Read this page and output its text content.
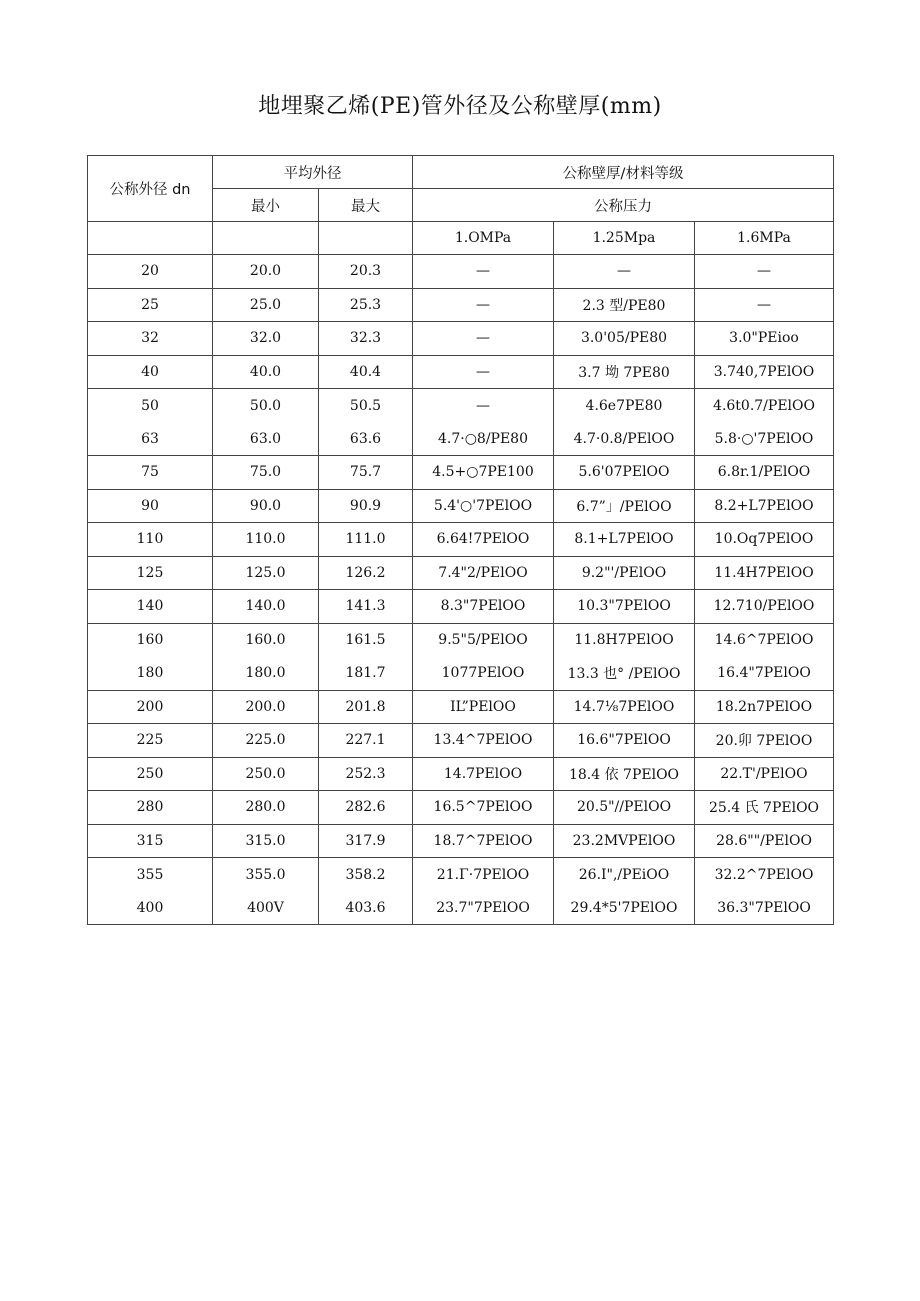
地埋聚乙烯(PE)管外径及公称壁厚(mm)
公称外径 dn	平均外径		公称壁厚/材料等级		
	最小	最大	公称压力		
			1.OMPa	1.25Mpa	1.6MPa
20	20.0	20.3	—	—	—
25	25.0	25.3	—	2.3 型/PE80	—
32	32.0	32.3	—	3.0'05/PE80	3.0"PEioo
40	40.0	40.4	—	3.7 坳 7PE80	3.740,7PElOO
50	50.0	50.5	—	4.6e7PE80	4.6t0.7/PElOO
63	63.0	63.6	4.7·○8/PE80	4.7·0.8/PElOO	5.8·○'7PElOO
75	75.0	75.7	4.5+○7PE100	5.6'07PElOO	6.8r.1/PElOO
90	90.0	90.9	5.4'○'7PElOO	6.7”」/PElOO	8.2+L7PElOO
110	110.0	111.0	6.64!7PElOO	8.1+L7PElOO	10.Oq7PElOO
125	125.0	126.2	7.4"2/PElOO	9.2"'/PElOO	11.4H7PElOO
140	140.0	141.3	8.3"7PElOO	10.3"7PElOO	12.710/PElOO
160	160.0	161.5	9.5"5/PElOO	11.8H7PElOO	14.6^7PElOO
180	180.0	181.7	1077PElOO	13.3 也° /PElOO	16.4"7PElOO
200	200.0	201.8	IL”PElOO	14.7⅛7PElOO	18.2n7PElOO
225	225.0	227.1	13.4^7PElOO	16.6"7PElOO	20.卯 7PElOO
250	250.0	252.3	14.7PElOO	18.4 依 7PElOO	22.T'/PElOO
280	280.0	282.6	16.5^7PElOO	20.5"//PElOO	25.4 氏 7PElOO
315	315.0	317.9	18.7^7PElOO	23.2MVPElOO	28.6""/PElOO
355	355.0	358.2	21.Γ·7PElOO	26.I",/PEiOO	32.2^7PElOO
400	400V	403.6	23.7"7PElOO	29.4*5'7PElOO	36.3"7PElOO
